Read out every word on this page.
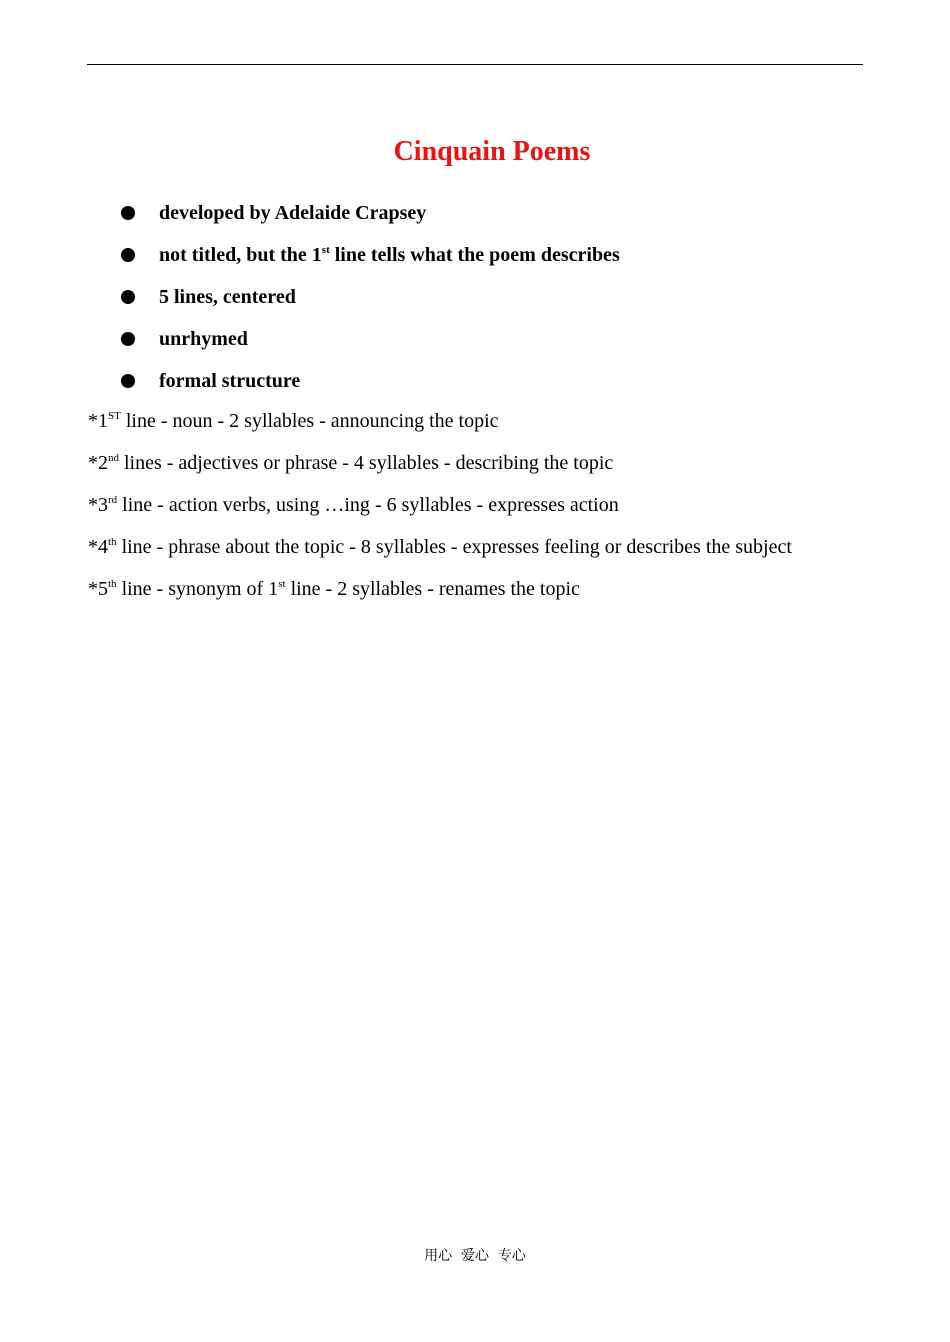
Cinquain Poems
developed by Adelaide Crapsey
not titled, but the 1st line tells what the poem describes
5 lines, centered
unrhymed
formal structure
*1ST line - noun - 2 syllables - announcing the topic
*2nd lines - adjectives or phrase - 4 syllables - describing the topic
*3rd line - action verbs, using …ing - 6 syllables - expresses action
*4th line - phrase about the topic - 8 syllables - expresses feeling or describes the subject
*5th line - synonym of 1st line - 2 syllables - renames the topic
用心  爱心  专心
